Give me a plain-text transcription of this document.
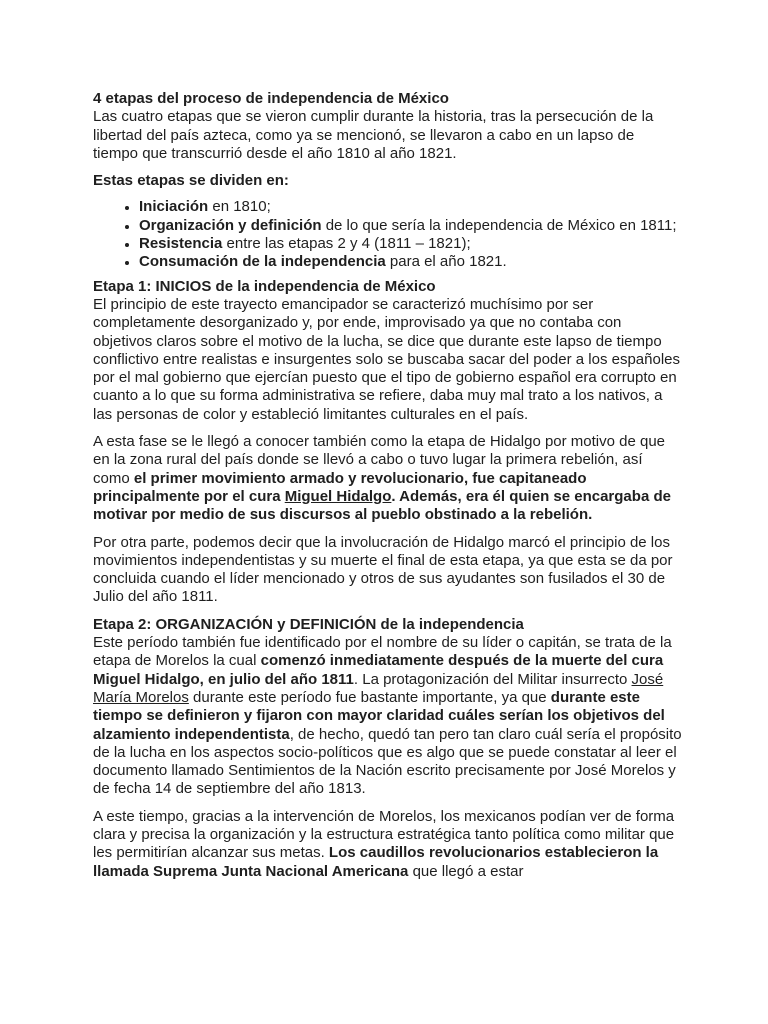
4 etapas del proceso de independencia de México

Las cuatro etapas que se vieron cumplir durante la historia, tras la persecución de la libertad del país azteca, como ya se mencionó, se llevaron a cabo en un lapso de tiempo que transcurrió desde el año 1810 al año 1821.

Estas etapas se dividen en:

• Iniciación en 1810;
• Organización y definición de lo que sería la independencia de México en 1811;
• Resistencia entre las etapas 2 y 4 (1811 – 1821);
• Consumación de la independencia para el año 1821.
Etapa 1: INICIOS de la independencia de México

El principio de este trayecto emancipador se caracterizó muchísimo por ser completamente desorganizado y, por ende, improvisado ya que no contaba con objetivos claros sobre el motivo de la lucha, se dice que durante este lapso de tiempo conflictivo entre realistas e insurgentes solo se buscaba sacar del poder a los españoles por el mal gobierno que ejercían puesto que el tipo de gobierno español era corrupto en cuanto a lo que su forma administrativa se refiere, daba muy mal trato a los nativos, a las personas de color y estableció limitantes culturales en el país.

A esta fase se le llegó a conocer también como la etapa de Hidalgo por motivo de que en la zona rural del país donde se llevó a cabo o tuvo lugar la primera rebelión, así como el primer movimiento armado y revolucionario, fue capitaneado principalmente por el cura Miguel Hidalgo. Además, era él quien se encargaba de motivar por medio de sus discursos al pueblo obstinado a la rebelión.

Por otra parte, podemos decir que la involucración de Hidalgo marcó el principio de los movimientos independentistas y su muerte el final de esta etapa, ya que esta se da por concluida cuando el líder mencionado y otros de sus ayudantes son fusilados el 30 de Julio del año 1811.

Etapa 2: ORGANIZACIÓN y DEFINICIÓN de la independencia

Este período también fue identificado por el nombre de su líder o capitán, se trata de la etapa de Morelos la cual comenzó inmediatamente después de la muerte del cura Miguel Hidalgo, en julio del año 1811. La protagonización del Militar insurrecto José María Morelos durante este período fue bastante importante, ya que durante este tiempo se definieron y fijaron con mayor claridad cuáles serían los objetivos del alzamiento independentista, de hecho, quedó tan pero tan claro cuál sería el propósito de la lucha en los aspectos socio-políticos que es algo que se puede constatar al leer el documento llamado Sentimientos de la Nación escrito precisamente por José Morelos y de fecha 14 de septiembre del año 1813.

A este tiempo, gracias a la intervención de Morelos, los mexicanos podían ver de forma clara y precisa la organización y la estructura estratégica tanto política como militar que les permitirían alcanzar sus metas. Los caudillos revolucionarios establecieron la llamada Suprema Junta Nacional Americana que llegó a estar
